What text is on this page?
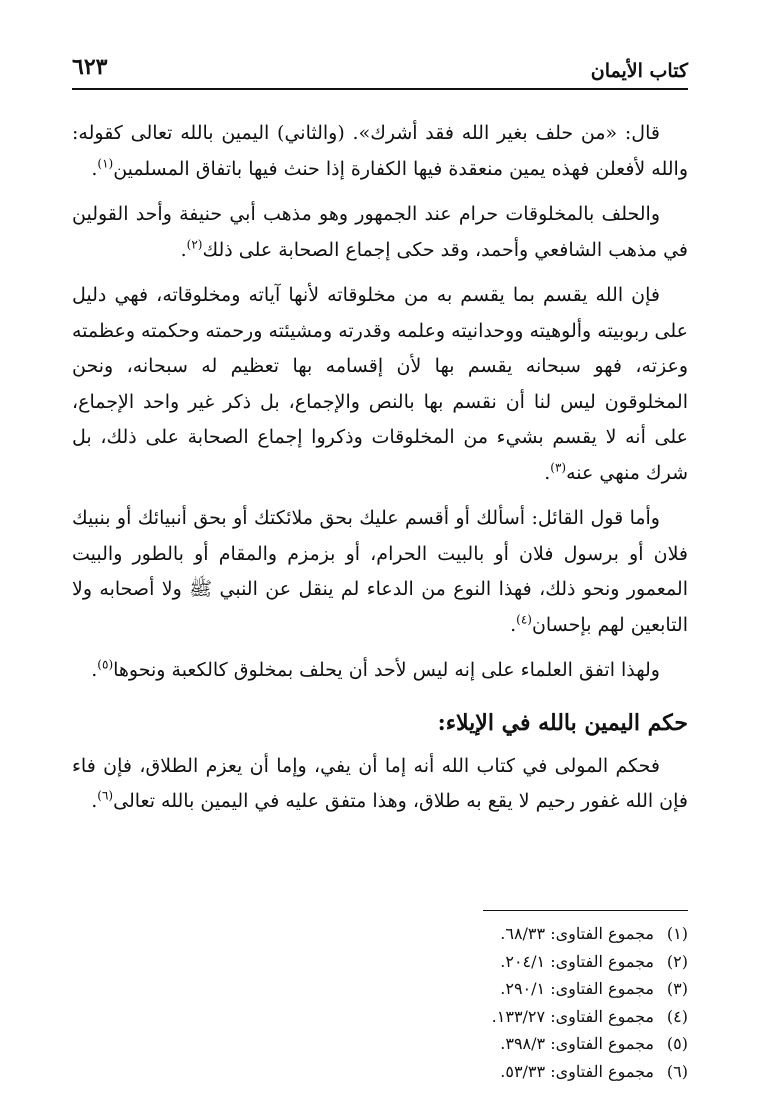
كتاب الأيمان
٦٢٣

قال: «من حلف بغير الله فقد أشرك». (والثاني) اليمين بالله تعالى كقوله: والله لأفعلن فهذه يمين منعقدة فيها الكفارة إذا حنث فيها باتفاق المسلمين$^{(١)}$.

والحلف بالمخلوقات حرام عند الجمهور وهو مذهب أبي حنيفة وأحد القولين في مذهب الشافعي وأحمد، وقد حكى إجماع الصحابة على ذلك$^{(٢)}$.

فإن الله يقسم بما يقسم به من مخلوقاته لأنها آياته ومخلوقاته، فهي دليل على ربوبيته وألوهيته ووحدانيته وعلمه وقدرته ومشيئته ورحمته وحكمته وعظمته وعزته، فهو سبحانه يقسم بها لأن إقسامه بها تعظيم له سبحانه، ونحن المخلوقون ليس لنا أن نقسم بها بالنص والإجماع، بل ذكر غير واحد الإجماع، على أنه لا يقسم بشيء من المخلوقات وذكروا إجماع الصحابة على ذلك، بل شرك منهي عنه$^{(٣)}$.

وأما قول القائل: أسألك أو أقسم عليك بحق ملائكتك أو بحق أنبيائك أو بنبيك فلان أو برسول فلان أو بالبيت الحرام، أو بزمزم والمقام أو بالطور والبيت المعمور ونحو ذلك، فهذا النوع من الدعاء لم ينقل عن النبي ﷺ ولا أصحابه ولا التابعين لهم بإحسان$^{(٤)}$.

ولهذا اتفق العلماء على إنه ليس لأحد أن يحلف بمخلوق كالكعبة ونحوها$^{(٥)}$.

حكم اليمين بالله في الإيلاء:

فحكم المولى في كتاب الله أنه إما أن يفي، وإما أن يعزم الطلاق، فإن فاء فإن الله غفور رحيم لا يقع به طلاق، وهذا متفق عليه في اليمين بالله تعالى$^{(٦)}$.

(١)مجموع الفتاوى: ٦٨/٣٣.
(٢)مجموع الفتاوى: ٢٠٤/١.
(٣)مجموع الفتاوى: ٢٩٠/١.
(٤)مجموع الفتاوى: ١٣٣/٢٧.
(٥)مجموع الفتاوى: ٣٩٨/٣.
(٦)مجموع الفتاوى: ٥٣/٣٣.
